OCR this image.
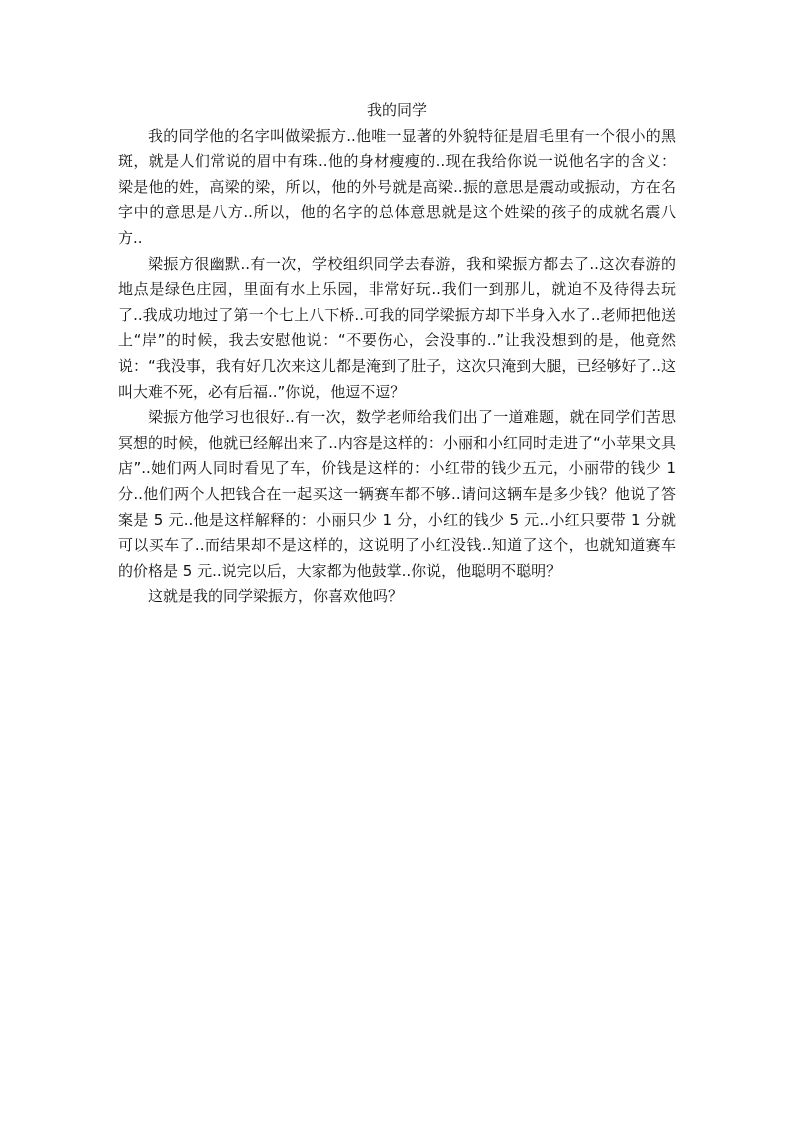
我的同学

我的同学他的名字叫做梁振方..他唯一显著的外貌特征是眉毛里有一个很小的黑斑，就是人们常说的眉中有珠..他的身材瘦瘦的..现在我给你说一说他名字的含义：梁是他的姓，高梁的梁，所以，他的外号就是高梁..振的意思是震动或振动，方在名字中的意思是八方..所以，他的名字的总体意思就是这个姓梁的孩子的成就名震八方..

梁振方很幽默..有一次，学校组织同学去春游，我和梁振方都去了..这次春游的地点是绿色庄园，里面有水上乐园，非常好玩..我们一到那儿，就迫不及待得去玩了..我成功地过了第一个七上八下桥..可我的同学梁振方却下半身入水了..老师把他送上“岸”的时候，我去安慰他说：“不要伤心，会没事的..”让我没想到的是，他竟然说：“我没事，我有好几次来这儿都是淹到了肚子，这次只淹到大腿，已经够好了..这叫大难不死，必有后福..”你说，他逗不逗？

梁振方他学习也很好..有一次，数学老师给我们出了一道难题，就在同学们苦思冥想的时候，他就已经解出来了..内容是这样的：小丽和小红同时走进了“小苹果文具店”..她们两人同时看见了车，价钱是这样的：小红带的钱少五元，小丽带的钱少 1 分..他们两个人把钱合在一起买这一辆赛车都不够..请问这辆车是多少钱？他说了答案是 5 元..他是这样解释的：小丽只少 1 分，小红的钱少 5 元..小红只要带 1 分就可以买车了..而结果却不是这样的，这说明了小红没钱..知道了这个，也就知道赛车的价格是 5 元..说完以后，大家都为他鼓掌..你说，他聪明不聪明？

这就是我的同学梁振方，你喜欢他吗？
